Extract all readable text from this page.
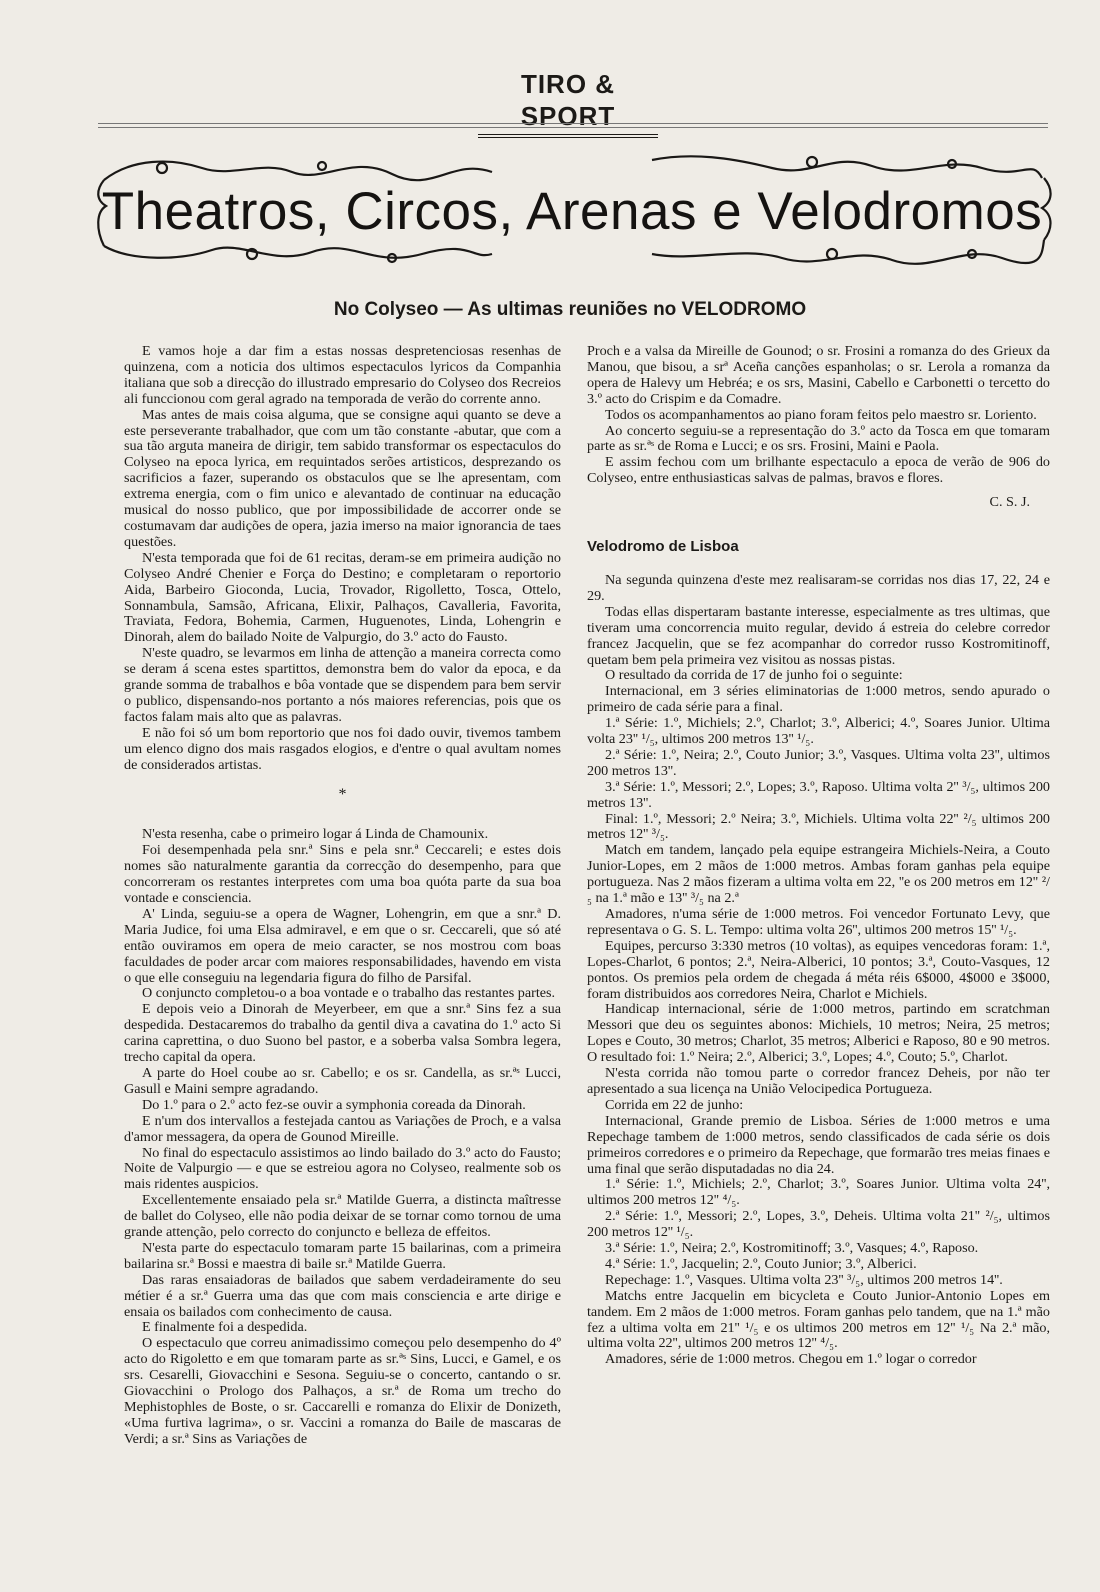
TIRO & SPORT
Theatros, Circos, Arenas e Velodromos
No Colyseo — As ultimas reuniões no VELODROMO

E vamos hoje a dar fim a estas nossas despretenciosas resenhas de quinzena, com a noticia dos ultimos espectaculos lyricos da Companhia italiana que sob a direcção do illustrado empresario do Colyseo dos Recreios ali funccionou com geral agrado na temporada de verão do corrente anno.

Mas antes de mais coisa alguma, que se consigne aqui quanto se deve a este perseverante trabalhador, que com um tão constante -abutar, que com a sua tão arguta maneira de dirigir, tem sabido transformar os espectaculos do Colyseo na epoca lyrica, em requintados serões artisticos, desprezando os sacrificios a fazer, superando os obstaculos que se lhe apresentam, com extrema energia, com o fim unico e alevantado de continuar na educação musical do nosso publico, que por impossibilidade de accorrer onde se costumavam dar audições de opera, jazia imerso na maior ignorancia de taes questões.

N'esta temporada que foi de 61 recitas, deram-se em primeira audição no Colyseo André Chenier e Força do Destino; e completaram o reportorio Aida, Barbeiro Gioconda, Lucia, Trovador, Rigolletto, Tosca, Ottelo, Sonnambula, Samsão, Africana, Elixir, Palhaços, Cavalleria, Favorita, Traviata, Fedora, Bohemia, Carmen, Huguenotes, Linda, Lohengrin e Dinorah, alem do bailado Noite de Valpurgio, do 3.º acto do Fausto.

N'este quadro, se levarmos em linha de attenção a maneira correcta como se deram á scena estes spartittos, demonstra bem do valor da epoca, e da grande somma de trabalhos e bôa vontade que se dispendem para bem servir o publico, dispensando-nos portanto a nós maiores referencias, pois que os factos falam mais alto que as palavras.

E não foi só um bom reportorio que nos foi dado ouvir, tivemos tambem um elenco digno dos mais rasgados elogios, e d'entre o qual avultam nomes de considerados artistas.

*

N'esta resenha, cabe o primeiro logar á Linda de Chamounix.

Foi desempenhada pela snr.ª Sins e pela snr.ª Ceccareli; e estes dois nomes são naturalmente garantia da correcção do desempenho, para que concorreram os restantes interpretes com uma boa quóta parte da sua boa vontade e consciencia.

A' Linda, seguiu-se a opera de Wagner, Lohengrin, em que a snr.ª D. Maria Judice, foi uma Elsa admiravel, e em que o sr. Ceccareli, que só até então ouviramos em opera de meio caracter, se nos mostrou com boas faculdades de poder arcar com maiores responsabilidades, havendo em vista o que elle conseguiu na legendaria figura do filho de Parsifal.

O conjuncto completou-o a boa vontade e o trabalho das restantes partes.

E depois veio a Dinorah de Meyerbeer, em que a snr.ª Sins fez a sua despedida. Destacaremos do trabalho da gentil diva a cavatina do 1.º acto Si carina caprettina, o duo Suono bel pastor, e a soberba valsa Sombra legera, trecho capital da opera.

A parte do Hoel coube ao sr. Cabello; e os sr. Candella, as sr.ªˢ Lucci, Gasull e Maini sempre agradando.

Do 1.º para o 2.º acto fez-se ouvir a symphonia coreada da Dinorah.

E n'um dos intervallos a festejada cantou as Variações de Proch, e a valsa d'amor messagera, da opera de Gounod Mireille.

No final do espectaculo assistimos ao lindo bailado do 3.º acto do Fausto; Noite de Valpurgio — e que se estreiou agora no Colyseo, realmente sob os mais ridentes auspicios.

Excellentemente ensaiado pela sr.ª Matilde Guerra, a distincta maîtresse de ballet do Colyseo, elle não podia deixar de se tornar como tornou de uma grande attenção, pelo correcto do conjuncto e belleza de effeitos.

N'esta parte do espectaculo tomaram parte 15 bailarinas, com a primeira bailarina sr.ª Bossi e maestra di baile sr.ª Matilde Guerra.

Das raras ensaiadoras de bailados que sabem verdadeiramente do seu métier é a sr.ª Guerra uma das que com mais consciencia e arte dirige e ensaia os bailados com conhecimento de causa.

E finalmente foi a despedida.

O espectaculo que correu animadissimo começou pelo desempenho do 4º acto do Rigoletto e em que tomaram parte as sr.ªˢ Sins, Lucci, e Gamel, e os srs. Cesarelli, Giovacchini e Sesona. Seguiu-se o concerto, cantando o sr. Giovacchini o Prologo dos Palhaços, a sr.ª de Roma um trecho do Mephistophles de Boste, o sr. Caccarelli e romanza do Elixir de Donizeth, «Uma furtiva lagrima», o sr. Vaccini a romanza do Baile de mascaras de Verdi; a sr.ª Sins as Variações de

Proch e a valsa da Mireille de Gounod; o sr. Frosini a romanza do des Grieux da Manou, que bisou, a srª Aceña canções espanholas; o sr. Lerola a romanza da opera de Halevy um Hebréa; e os srs, Masini, Cabello e Carbonetti o tercetto do 3.º acto do Crispim e da Comadre.

Todos os acompanhamentos ao piano foram feitos pelo maestro sr. Loriento.

Ao concerto seguiu-se a representação do 3.º acto da Tosca em que tomaram parte as sr.ªˢ de Roma e Lucci; e os srs. Frosini, Maini e Paola.

E assim fechou com um brilhante espectaculo a epoca de verão de 906 do Colyseo, entre enthusiasticas salvas de palmas, bravos e flores.

C. S. J.

Velodromo de Lisboa

Na segunda quinzena d'este mez realisaram-se corridas nos dias 17, 22, 24 e 29.

Todas ellas dispertaram bastante interesse, especialmente as tres ultimas, que tiveram uma concorrencia muito regular, devido á estreia do celebre corredor francez Jacquelin, que se fez acompanhar do corredor russo Kostromitinoff, quetam bem pela primeira vez visitou as nossas pistas.

O resultado da corrida de 17 de junho foi o seguinte:

Internacional, em 3 séries eliminatorias de 1:000 metros, sendo apurado o primeiro de cada série para a final.

1.ª Série: 1.º, Michiels; 2.º, Charlot; 3.º, Alberici; 4.º, Soares Junior. Ultima volta 23'' ¹/₅, ultimos 200 metros 13'' ¹/₅.

2.ª Série: 1.º, Neira; 2.º, Couto Junior; 3.º, Vasques. Ultima volta 23'', ultimos 200 metros 13''.

3.ª Série: 1.º, Messori; 2.º, Lopes; 3.º, Raposo. Ultima volta 2'' ³/₅, ultimos 200 metros 13''.

Final: 1.º, Messori; 2.º Neira; 3.º, Michiels. Ultima volta 22'' ²/₅ ultimos 200 metros 12'' ³/₅.

Match em tandem, lançado pela equipe estrangeira Michiels-Neira, a Couto Junior-Lopes, em 2 mãos de 1:000 metros. Ambas foram ganhas pela equipe portugueza. Nas 2 mãos fizeram a ultima volta em 22, ''e os 200 metros em 12'' ²/₅ na 1.ª mão e 13'' ³/₅ na 2.ª

Amadores, n'uma série de 1:000 metros. Foi vencedor Fortunato Levy, que representava o G. S. L. Tempo: ultima volta 26'', ultimos 200 metros 15'' ¹/₅.

Equipes, percurso 3:330 metros (10 voltas), as equipes vencedoras foram: 1.ª, Lopes-Charlot, 6 pontos; 2.ª, Neira-Alberici, 10 pontos; 3.ª, Couto-Vasques, 12 pontos. Os premios pela ordem de chegada á méta réis 6$000, 4$000 e 3$000, foram distribuidos aos corredores Neira, Charlot e Michiels.

Handicap internacional, série de 1:000 metros, partindo em scratchman Messori que deu os seguintes abonos: Michiels, 10 metros; Neira, 25 metros; Lopes e Couto, 30 metros; Charlot, 35 metros; Alberici e Raposo, 80 e 90 metros. O resultado foi: 1.º Neira; 2.º, Alberici; 3.º, Lopes; 4.º, Couto; 5.º, Charlot.

N'esta corrida não tomou parte o corredor francez Deheis, por não ter apresentado a sua licença na União Velocipedica Portugueza.

Corrida em 22 de junho:

Internacional, Grande premio de Lisboa. Séries de 1:000 metros e uma Repechage tambem de 1:000 metros, sendo classificados de cada série os dois primeiros corredores e o primeiro da Repechage, que formarão tres meias finaes e uma final que serão disputadadas no dia 24.

1.ª Série: 1.º, Michiels; 2.º, Charlot; 3.º, Soares Junior. Ultima volta 24'', ultimos 200 metros 12'' ⁴/₅.

2.ª Série: 1.º, Messori; 2.º, Lopes, 3.º, Deheis. Ultima volta 21'' ²/₅, ultimos 200 metros 12'' ¹/₅.

3.ª Série: 1.º, Neira; 2.º, Kostromitinoff; 3.º, Vasques; 4.º, Raposo.

4.ª Série: 1.º, Jacquelin; 2.º, Couto Junior; 3.º, Alberici.

Repechage: 1.º, Vasques. Ultima volta 23'' ³/₅, ultimos 200 metros 14''.

Matchs entre Jacquelin em bicycleta e Couto Junior-Antonio Lopes em tandem. Em 2 mãos de 1:000 metros. Foram ganhas pelo tandem, que na 1.ª mão fez a ultima volta em 21'' ¹/₅ e os ultimos 200 metros em 12'' ¹/₅ Na 2.ª mão, ultima volta 22'', ultimos 200 metros 12'' ⁴/₅.

Amadores, série de 1:000 metros. Chegou em 1.º logar o corredor
